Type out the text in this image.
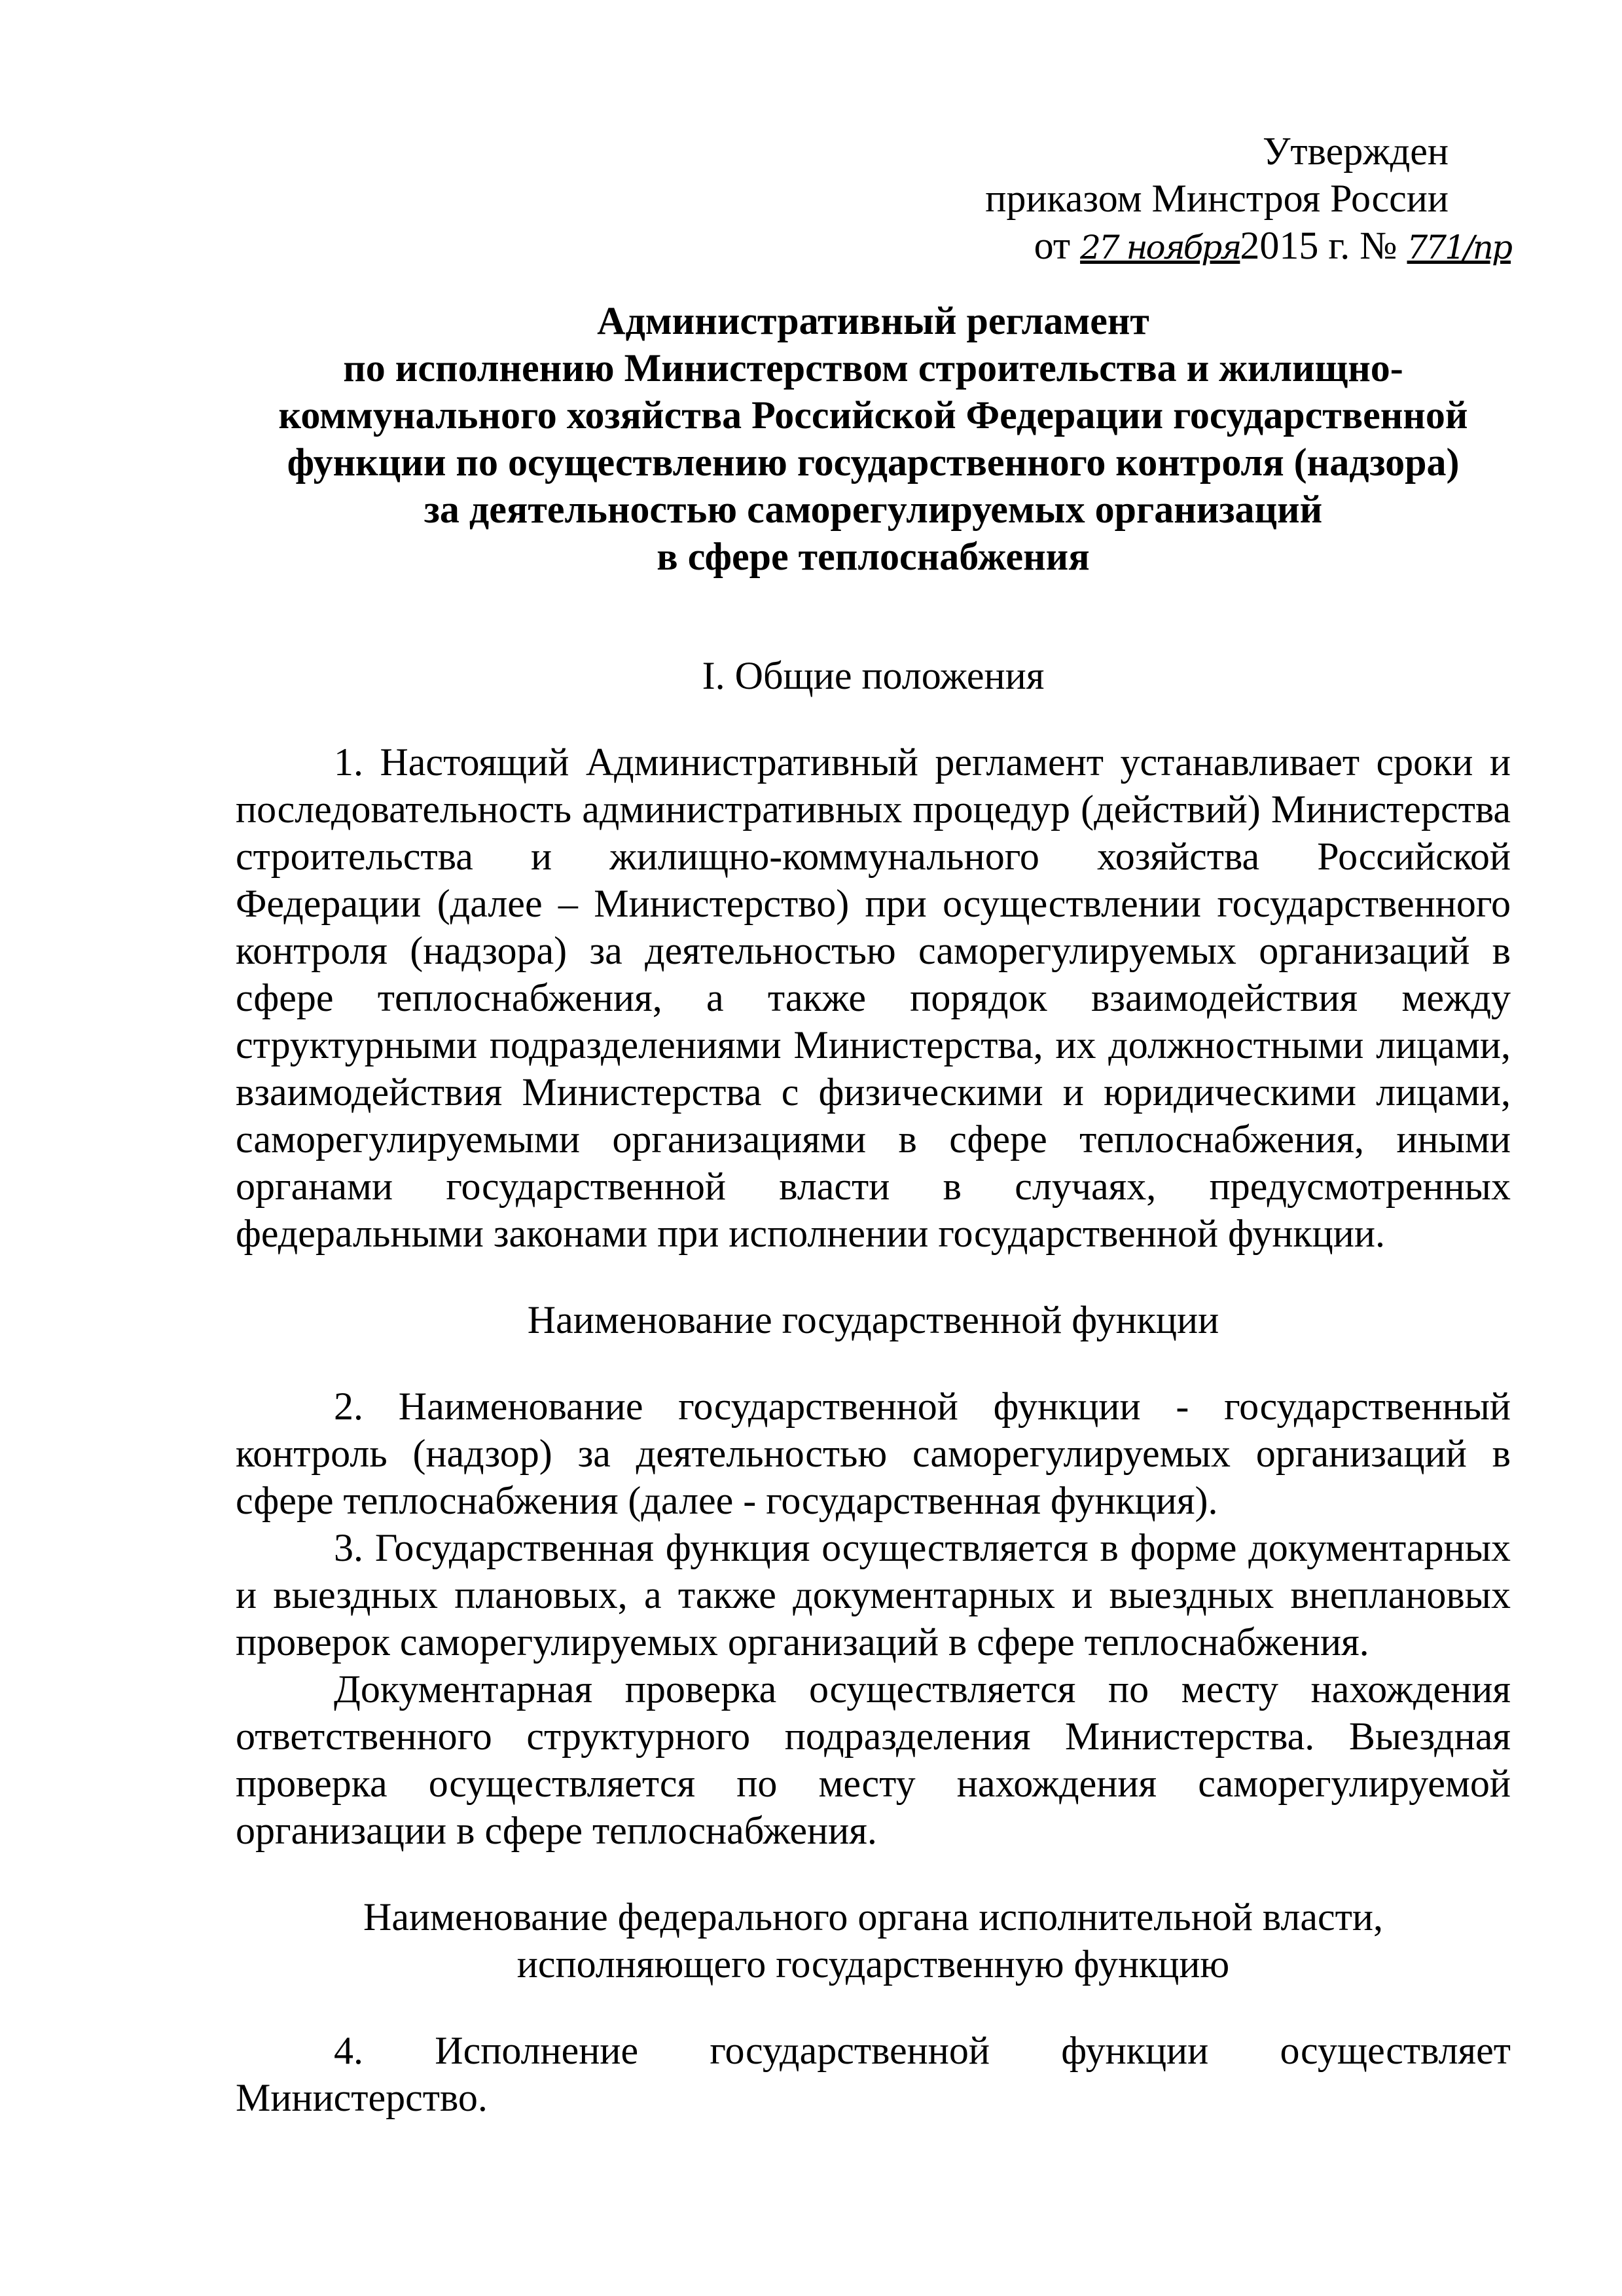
Утвержден
приказом Минстроя России
от 27 ноября2015 г. № 771/пр
Административный регламент
по исполнению Министерством строительства и жилищно-
коммунального хозяйства Российской Федерации государственной
функции по осуществлению государственного контроля (надзора)
за деятельностью саморегулируемых организаций
в сфере теплоснабжения
I. Общие положения

1. Настоящий Административный регламент устанавливает сроки и последовательность административных процедур (действий) Министерства строительства и жилищно-коммунального хозяйства Российской Федерации (далее – Министерство) при осуществлении государственного контроля (надзора) за деятельностью саморегулируемых организаций в сфере теплоснабжения, а также порядок взаимодействия между структурными подразделениями Министерства, их должностными лицами, взаимодействия Министерства с физическими и юридическими лицами, саморегулируемыми организациями в сфере теплоснабжения, иными органами государственной власти в случаях, предусмотренных федеральными законами при исполнении государственной функции.

Наименование государственной функции

2. Наименование государственной функции - государственный контроль (надзор) за деятельностью саморегулируемых организаций в сфере теплоснабжения (далее - государственная функция).

3. Государственная функция осуществляется в форме документарных и выездных плановых, а также документарных и выездных внеплановых проверок саморегулируемых организаций в сфере теплоснабжения.

Документарная проверка осуществляется по месту нахождения ответственного структурного подразделения Министерства. Выездная проверка осуществляется по месту нахождения саморегулируемой организации в сфере теплоснабжения.

Наименование федерального органа исполнительной власти,
исполняющего государственную функцию

4. Исполнение государственной функции осуществляет Министерство.
